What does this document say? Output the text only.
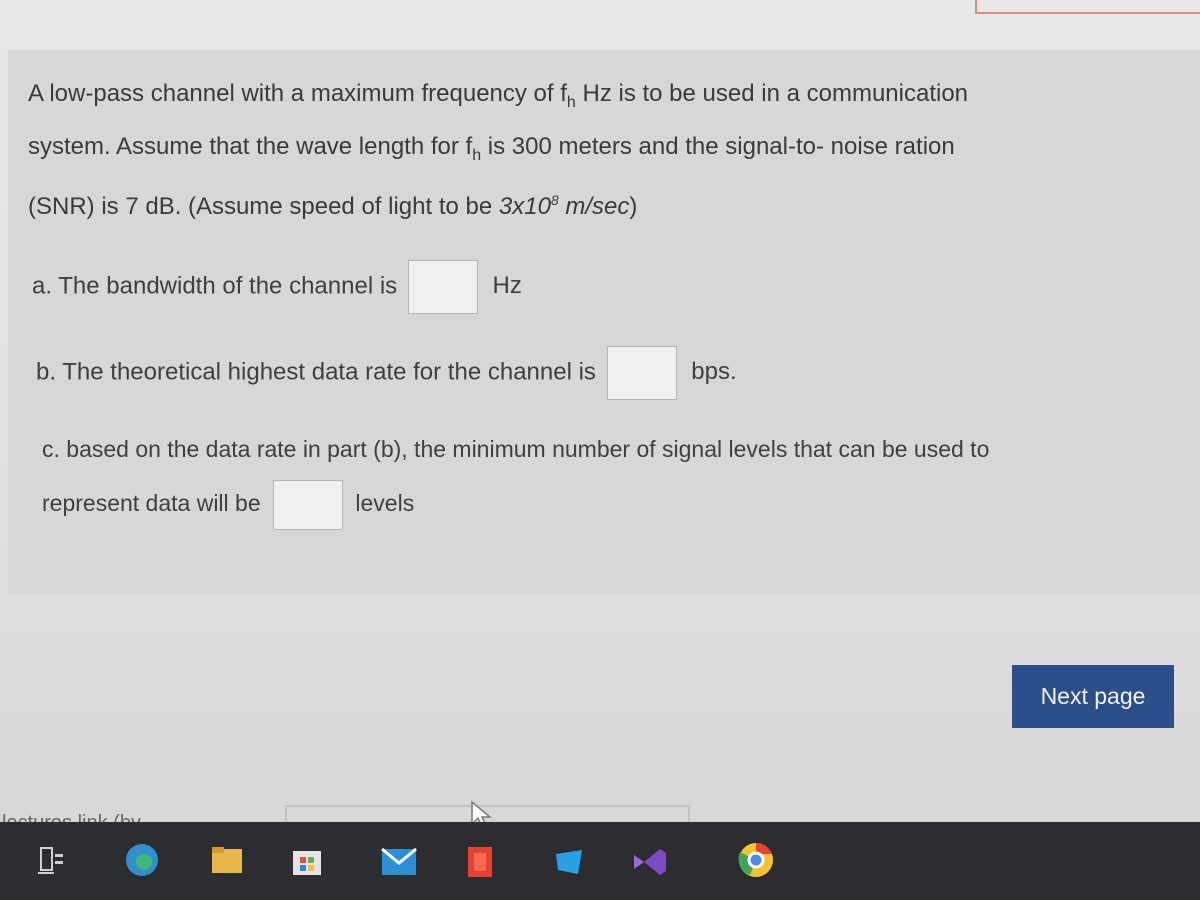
A low-pass channel with a maximum frequency of $f_h$ Hz is to be used in a communication
system. Assume that the wave length for $f_h$ is 300 meters and the signal-to- noise ration
(SNR) is 7 dB. (Assume speed of light to be $3x10^8$ m/sec)
a. The bandwidth of the channel is	Hz
b. The theoretical highest data rate for the channel is	bps.
c. based on the data rate in part (b), the minimum number of signal levels that can be used to
represent data will be	levels
Next page
